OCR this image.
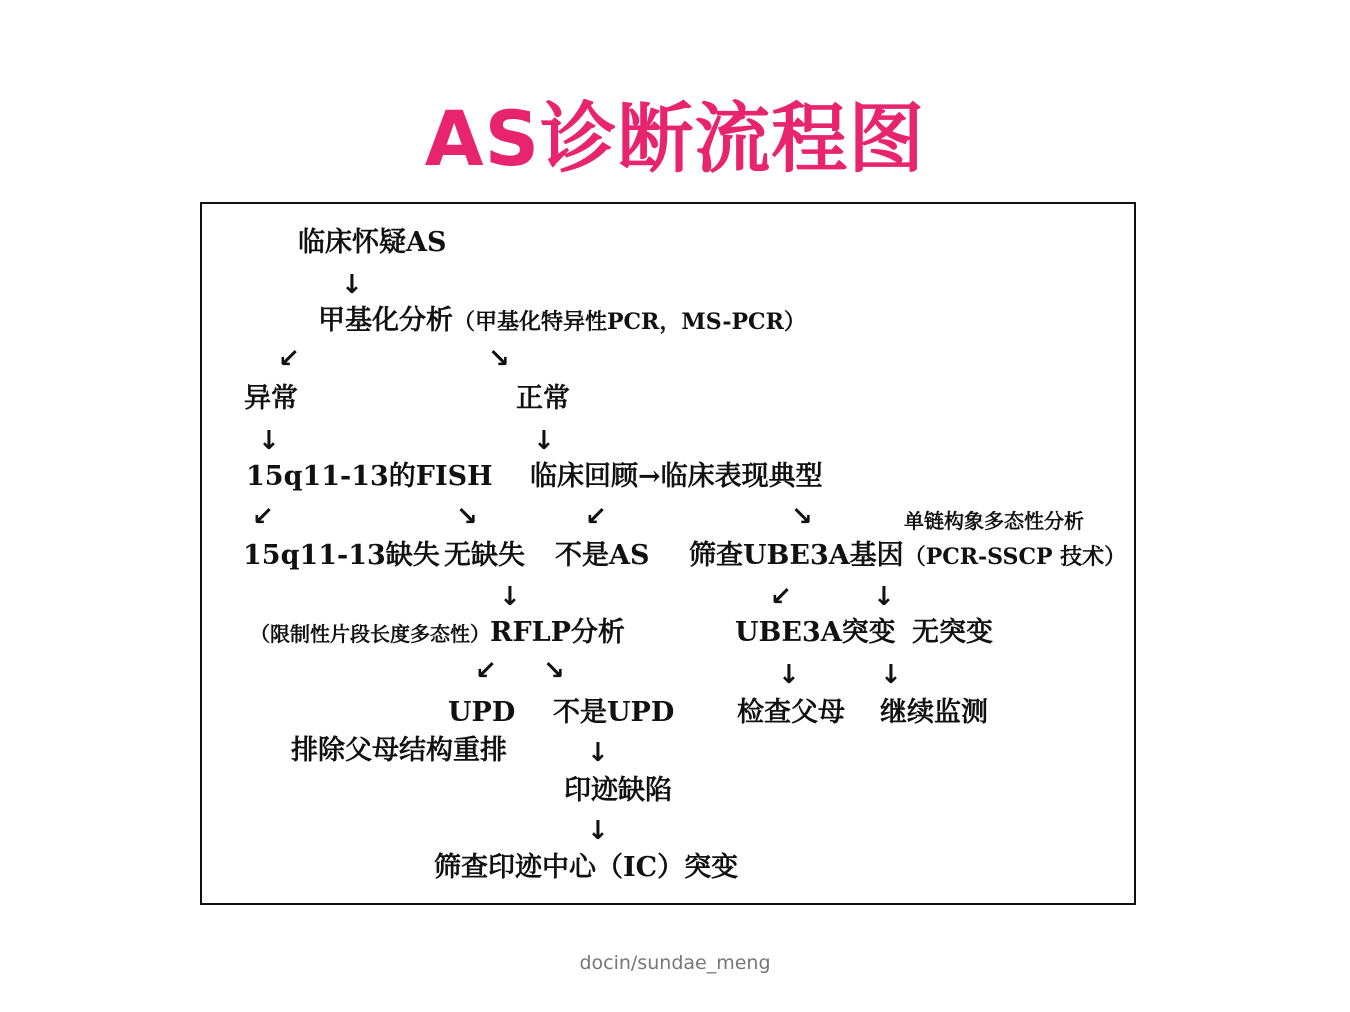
AS诊断流程图
临床怀疑AS
↓
甲基化分析（甲基化特异性PCR，MS-PCR）
↙	↘
异常	正常
↓	↓
15q11-13的FISH 临床回顾→临床表现典型
↙	↘	↙	↘	单链构象多态性分析
15q11-13缺失 无缺失 不是AS 筛查UBE3A基因（PCR-SSCP 技术）
↓	↙	↓
（限制性片段长度多态性）RFLP分析	UBE3A突变 无突变
↙ ↘	↓	↓
UPD 不是UPD 检查父母 继续监测
排除父母结构重排	↓
印迹缺陷
↓
筛查印迹中心（IC）突变
docin/sundae_meng
